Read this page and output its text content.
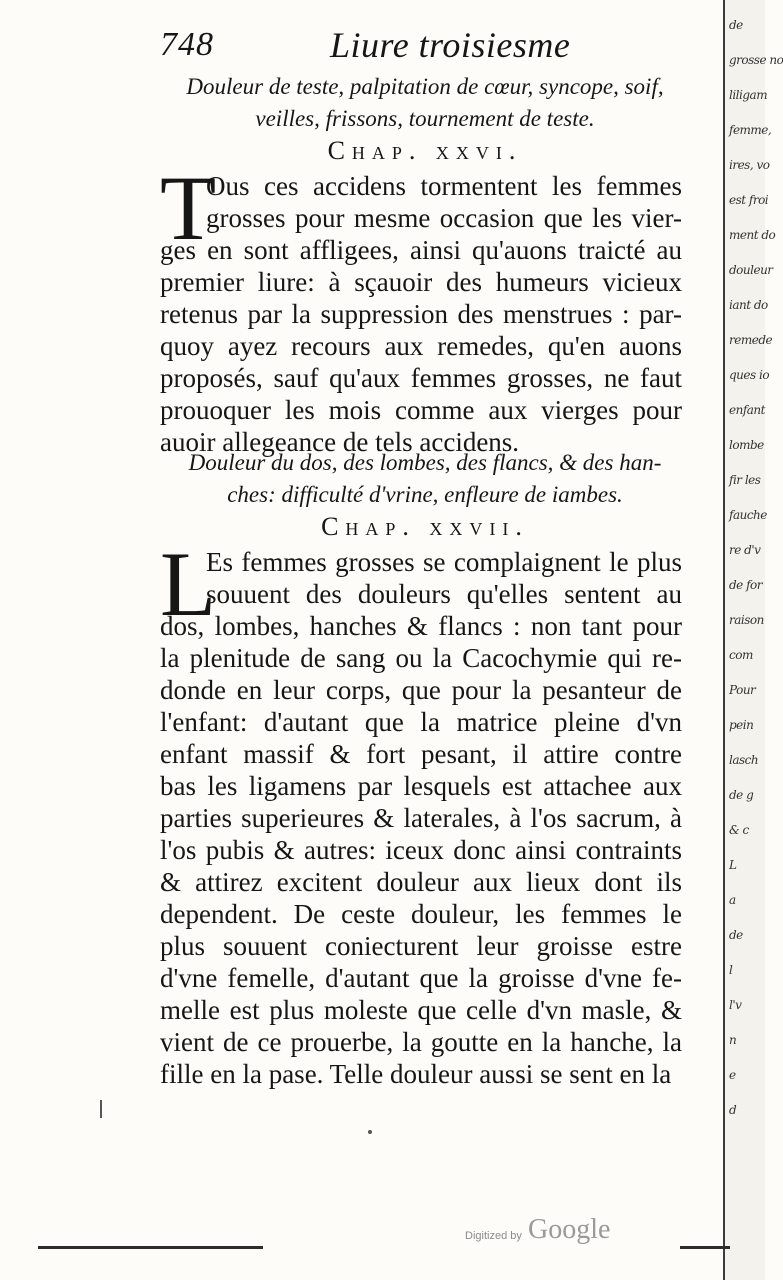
de
grosse no
liligam
femme,
ires, vo
est froi
ment do
douleur
iant do
remede
ques io
enfant
lombe
fir les
fauche
re d'v
de for
raison
com
Pour
pein
lasch
de g
& c
L
a
de
l
l'v
n
e
d
748	Liure troisiesme
Douleur de teste, palpitation de cœur, syncope, soif,
veilles, frissons, tournement de teste.
Chap. xxvi.
T
Ous ces accidens tormentent les femmes
grosses pour mesme occasion que les vier-
ges en sont affligees, ainsi qu'auons traicté au
premier liure: à sçauoir des humeurs vicieux
retenus par la suppression des menstrues : par-
quoy ayez recours aux remedes, qu'en auons
proposés, sauf qu'aux femmes grosses, ne faut
prouoquer les mois comme aux vierges pour
auoir allegeance de tels accidens.
Douleur du dos, des lombes, des flancs, & des han-
ches: difficulté d'vrine, enfleure de iambes.
Chap. xxvii.
L
Es femmes grosses se complaignent le plus
souuent des douleurs qu'elles sentent au
dos, lombes, hanches & flancs : non tant pour
la plenitude de sang ou la Cacochymie qui re-
donde en leur corps, que pour la pesanteur de
l'enfant: d'autant que la matrice pleine d'vn
enfant massif & fort pesant, il attire contre
bas les ligamens par lesquels est attachee aux
parties superieures & laterales, à l'os sacrum, à
l'os pubis & autres: iceux donc ainsi contraints
& attirez excitent douleur aux lieux dont ils
dependent. De ceste douleur, les femmes le
plus souuent coniecturent leur groisse estre
d'vne femelle, d'autant que la groisse d'vne fe-
melle est plus moleste que celle d'vn masle, &
vient de ce prouerbe, la goutte en la hanche, la
fille en la pase. Telle douleur aussi se sent en la
Digitized by Google
